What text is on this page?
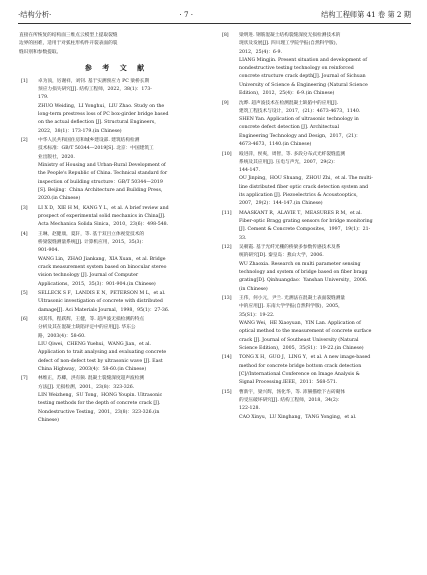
·结构分析·	· 7 ·	结构工程师第 41 卷 第 2 期
直接在所恢复的结构面三维点云模型上提取裂缝
边界的困难，适用于对弧柱形构件开裂表面的裂
缝识别和参数提取。
参 考 文 献
[1]	卓为顶，厉谢祥，刘钊. 基于实测预应力 PC 梁桥长期
预应力损失研究[J]. 结构工程师，2022，38(1)：173-
179.
ZHUO Weiding，LI Yonghui，LIU Zhao. Study on the
long-term prestress loss of PC box-girder bridge based
on the actual deflection [J]. Structural Engineers，
2022，38(1)：173-179.(in Chinese)
[2]	中华人民共和国住房和城乡建设部. 建筑结构检测
技术标准：GB/T 50344—2019[S]. 北京：中国建筑工
业出版社，2020.
Ministry of Housing and Urban-Rural Development of
the People's Republic of China. Technical standard for
inspection of building structure：GB/T 50344—2019
[S]. Beijing：China Architecture and Building Press，
2020.(in Chinese)
[3]	LI X D，XIE H M，KANG Y L，et al. A brief review and
prospect of experimental solid mechanics in China[J].
Acta Mechanica Solida Sinica，2010，23(6)：498-548.
[4]	王琳，赵健康，夏轩，等. 基于双目立体视觉技术的
桥梁裂缝测量系统[J]. 计算机应用，2015，35(3)：
901-904.
WANG Lin，ZHAO Jiankang，XIA Xuan，et al. Bridge
crack measurement system based on binocular stereo
vision technology [J]. Journal of Computer
Applications，2015，35(3)：901-904.(in Chinese)
[5]	SELLECK S F，LANDIS E N，PETERSON M L，et al.
Ultrasonic investigation of concrete with distributed
damage[J]. Aci Materials Journal，1998，95(1)：27-36.
[6]	刘其伟，程跃辉，王健，等. 超声波无损检测的特点
分析及其在混凝土缺陷评定中的应用[J]. 华东公
路，2003(4)：58-60.
LIU Qiwei，CHENG Yuehui，WANG Jian，et al.
Application to trait analysing and evaluating concrete
defect of non-defect test by ultrasonic wave [J]. East
China Highway，2003(4)：58-60.(in Chinese)
[7]	林维正，苏卿，洪有频. 混凝土裂缝深度超声波检测
方法[J]. 无损检测，2001，23(8)：323-326.
LIN Weizheng，SU Tong，HONG Youpin. Ultrasonic
testing methods for the depth of concrete crack [J].
Nondestructive Testing，2001，23(8)：323-326.(in
Chinese)
[8]	梁明进. 钢筋混凝土结构裂缝深度无损检测技术的
现状及发展[J]. 四川理工学院学报(自然科学版)，
2012，25(4)：6-9.
LIANG Mingjin. Present situation and development of
nondestructive testing technology on reinforced
concrete structure crack depth[J]. Journal of Sichuan
University of Science & Engineering (Natural Science
Edition)，2012，25(4)：6-9.(in Chinese)
[9]	沈晔. 超声波技术在检测混凝土缺陷中的应用[J].
建筑工程技术与设计，2017，(21)：4673-4673，1140.
SHEN Yan. Application of ultrasonic technology in
concrete defect detection [J]. Architectual
Engineering Technology and Design，2017，(21)：
4673-4673，1140.(in Chinese)
[10]	殴进萍，侯爽，周智，等. 多段分布式光纤裂缝监测
系统及其应用[J]. 压电与声光，2007，29(2)：
144-147.
OU Jinping，HOU Shuang，ZHOU Zhi，et al. The multi-
line distributed fiber optic crack detection system and
its application [J]. Piezoelectrics & Acoustooptics，
2007，29(2)：144-147.(in Chinese)
[11]	MAASKANT R，ALAVIE T，MEASURES R M，et al.
Fiber-optic Bragg grating sensors for bridge monitoring
[J]. Cement & Concrete Composites，1997，19(1)：21-
33.
[12]	吴朝霞. 基于光纤光栅的桥梁多参数传感技术及系
统的研究[D]. 秦皇岛：燕山大学，2006.
WU Zhaoxia. Research on multi parameter sensing
technology and system of bridge based on fiber bragg
grating[D]. Qinhuangdao：Yanshan University，2006.
(in Chinese)
[13]	王伟，何小元，尹兰. 光测法在混凝土表面裂缝测量
中的应用[J]. 东南大学学报(自然科学版)，2005，
35(S1)：19-22.
WANG Wei，HE Xiaoyuan，YIN Lan. Application of
optical method to the measurement of concrete surface
crack [J]. Journal of Southeast University (Natural
Science Edition)，2005，35(S1)：19-22.(in Chinese)
[14]	TONG X H，GUO J，LING Y，et al. A new image-based
method for concrete bridge bottom crack detection
[C]//International Conference on Image Analysis &
Signal Processing.IEEE，2011：568-571.
[15]	曹新宇，梁兴辉，汤化华，等. 沛赫描绘下古砖砌体
的受压破坏研究[J]. 结构工程师，2018，34(2)：
122-128.
CAO Xinyu，LU Xinghang，TANG Yonging，et al.
